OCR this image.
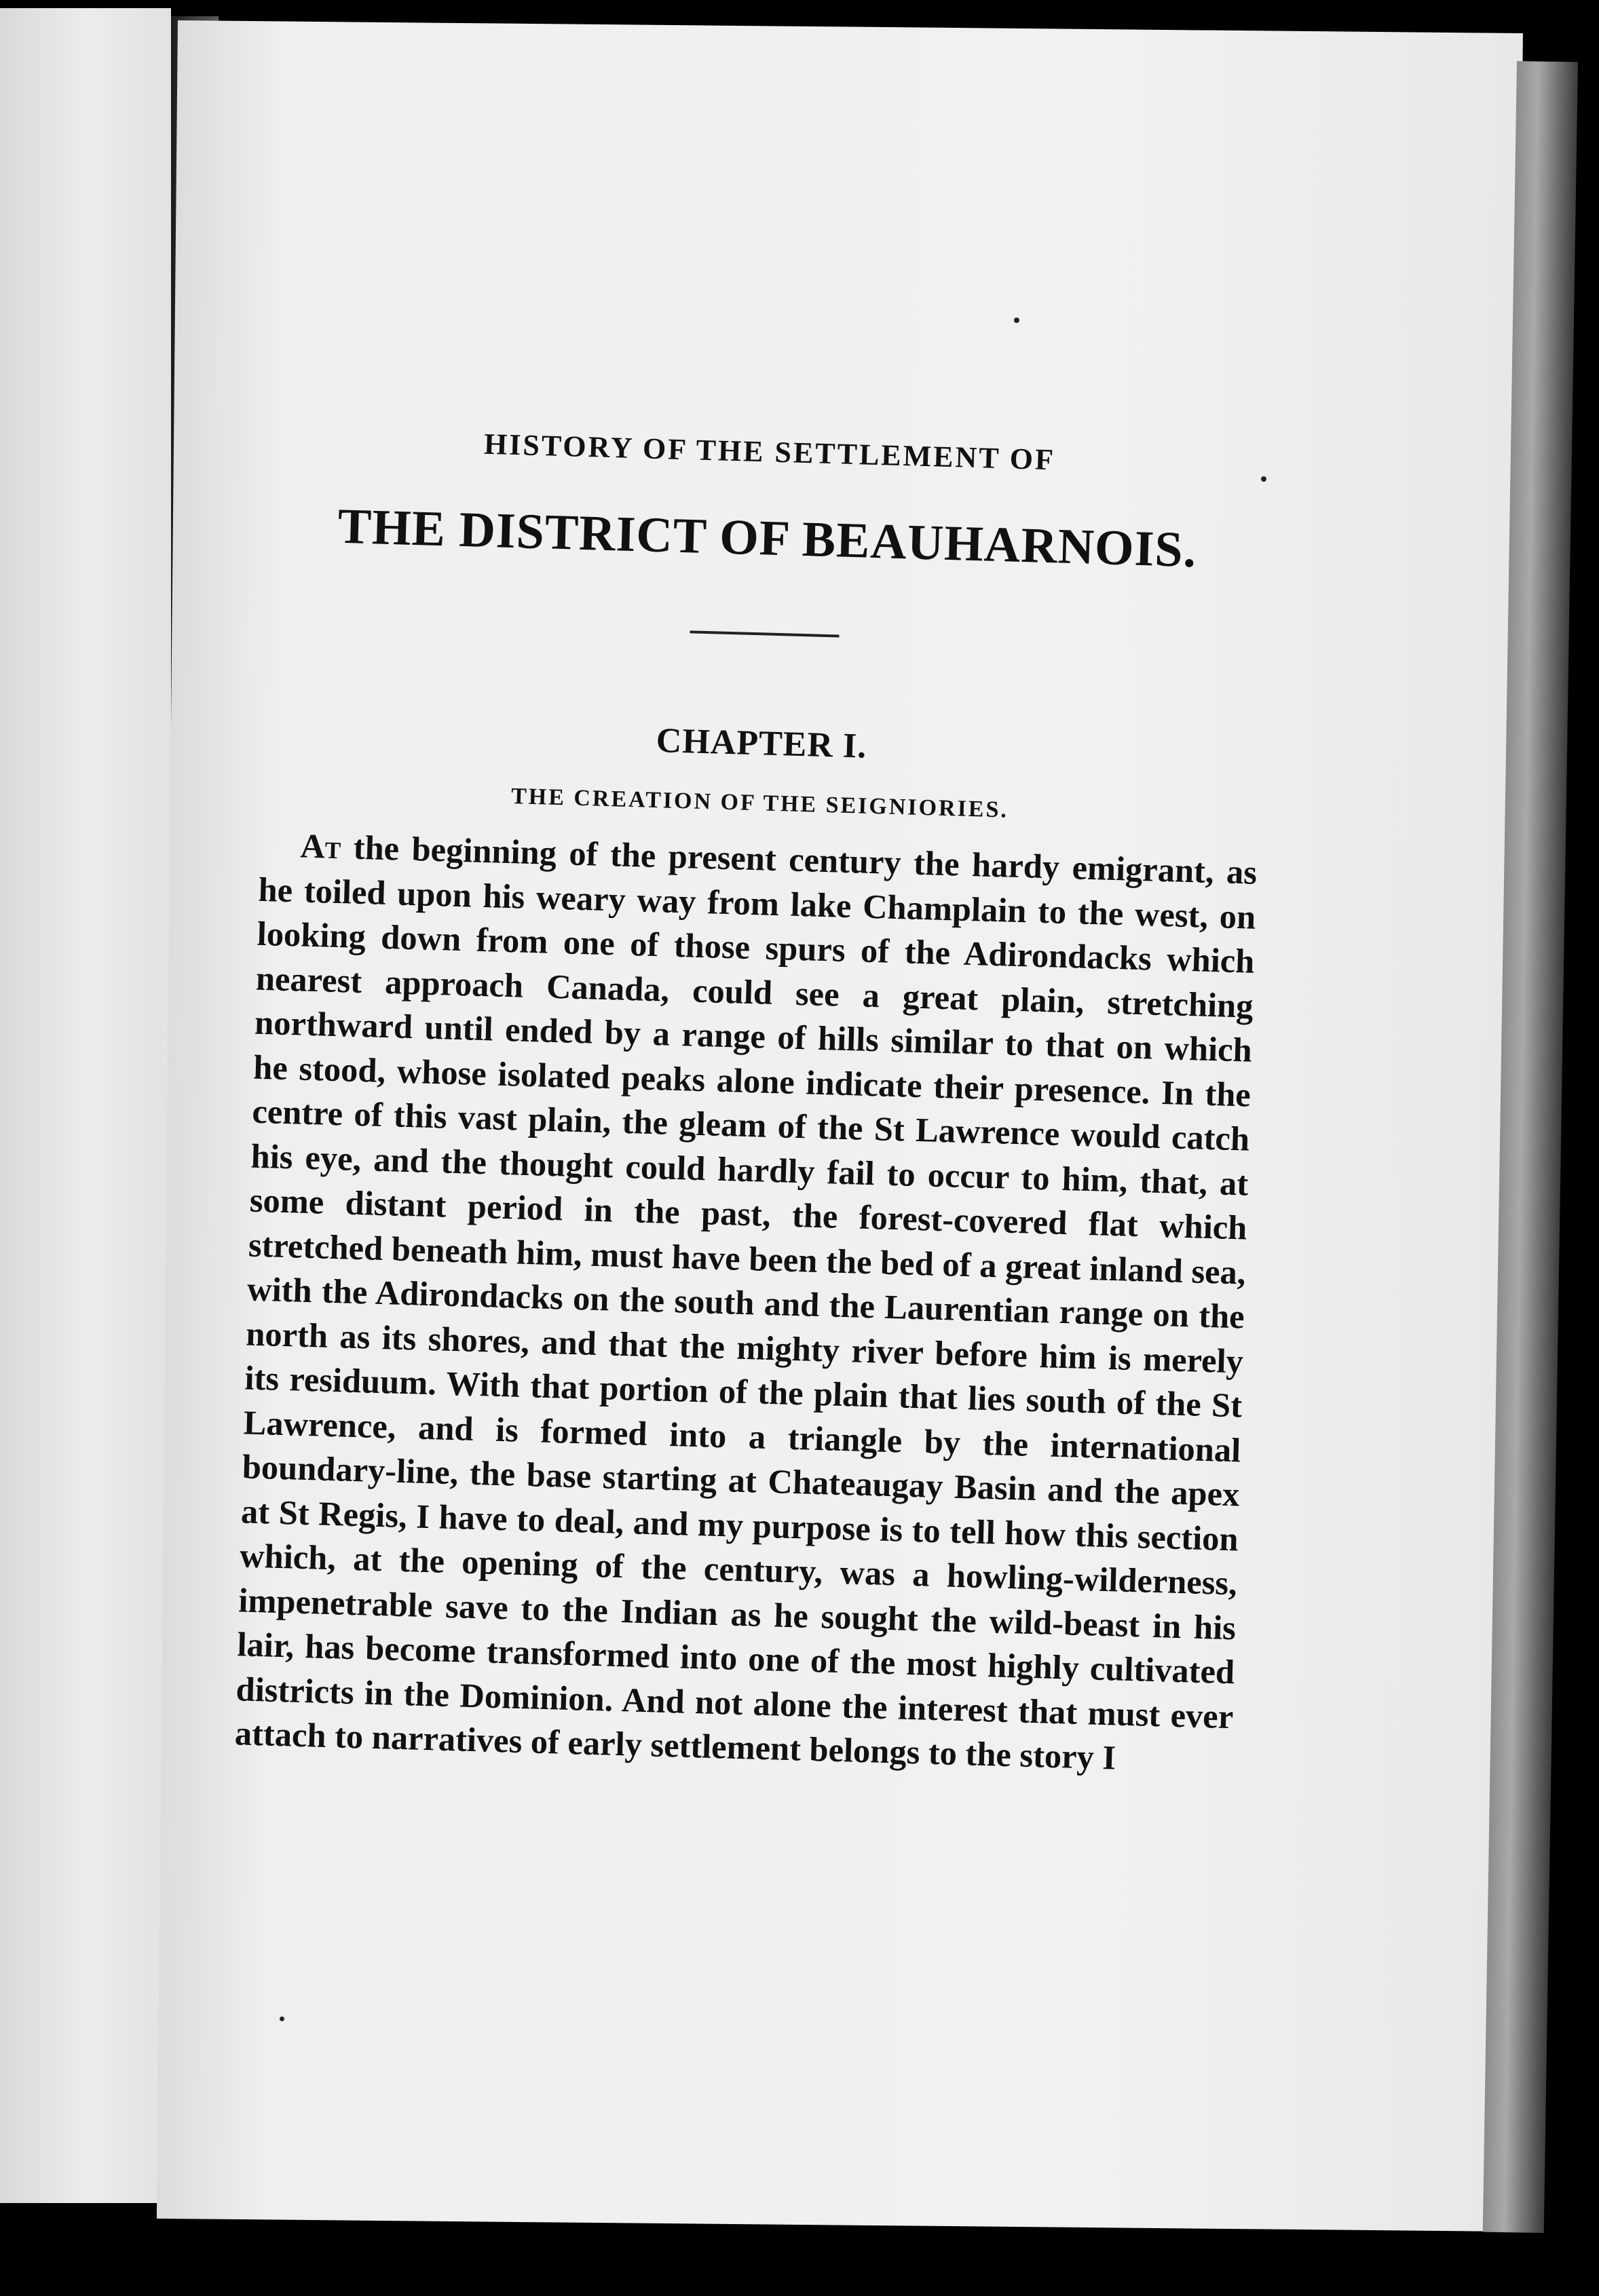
HISTORY OF THE SETTLEMENT OF
THE DISTRICT OF BEAUHARNOIS.
CHAPTER I.
THE CREATION OF THE SEIGNIORIES.

At the beginning of the present century the hardy emigrant, as he toiled upon his weary way from lake Champlain to the west, on looking down from one of those spurs of the Adirondacks which nearest approach Canada, could see a great plain, stretching northward until ended by a range of hills similar to that on which he stood, whose isolated peaks alone indicate their presence. In the centre of this vast plain, the gleam of the St Lawrence would catch his eye, and the thought could hardly fail to occur to him, that, at some distant period in the past, the forest-covered flat which stretched beneath him, must have been the bed of a great inland sea, with the Adirondacks on the south and the Laurentian range on the north as its shores, and that the mighty river before him is merely its residuum. With that portion of the plain that lies south of the St Lawrence, and is formed into a triangle by the international boundary-line, the base starting at Chateaugay Basin and the apex at St Regis, I have to deal, and my purpose is to tell how this section which, at the opening of the century, was a howling-wilderness, impenetrable save to the Indian as he sought the wild-beast in his lair, has become transformed into one of the most highly cultivated districts in the Dominion. And not alone the interest that must ever attach to narratives of early settlement belongs to the story I
